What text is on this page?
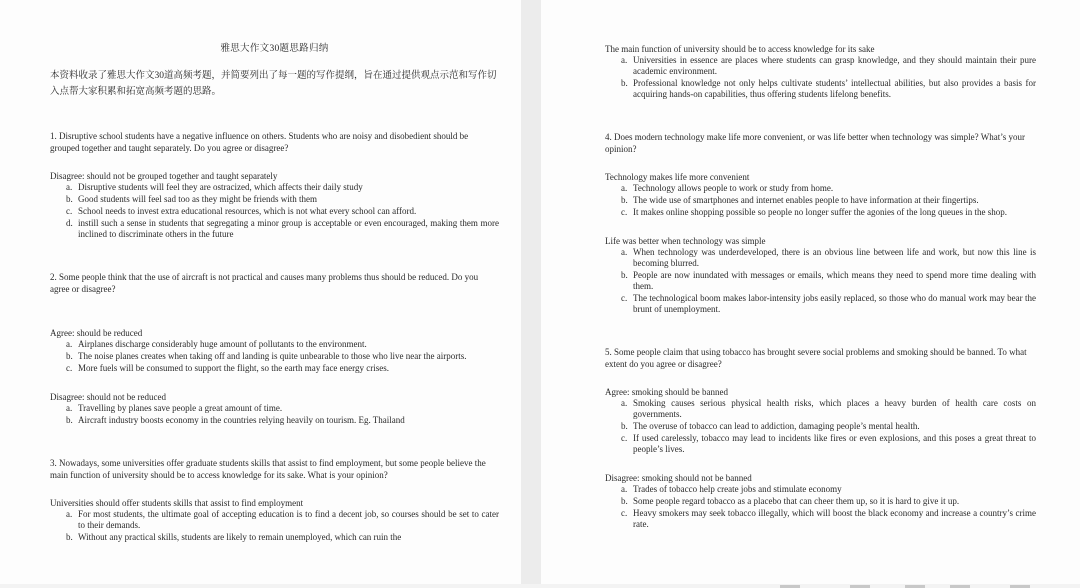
雅思大作文30题思路归纳

本资料收录了雅思大作文30道高频考题，并简要列出了每一题的写作提纲，旨在通过提供观点示范和写作切入点帮大家积累和拓宽高频考题的思路。

1. Disruptive school students have a negative influence on others. Students who are noisy and disobedient should be grouped together and taught separately. Do you agree or disagree?

Disagree: should not be grouped together and taught separately

a. Disruptive students will feel they are ostracized, which affects their daily study
b. Good students will feel sad too as they might be friends with them
c. School needs to invest extra educational resources, which is not what every school can afford.
d. instill such a sense in students that segregating a minor group is acceptable or even encouraged, making them more inclined to discriminate others in the future

2. Some people think that the use of aircraft is not practical and causes many problems thus should be reduced. Do you agree or disagree?

Agree: should be reduced

a. Airplanes discharge considerably huge amount of pollutants to the environment.
b. The noise planes creates when taking off and landing is quite unbearable to those who live near the airports.
c. More fuels will be consumed to support the flight, so the earth may face energy crises.

Disagree: should not be reduced

a. Travelling by planes save people a great amount of time.
b. Aircraft industry boosts economy in the countries relying heavily on tourism. Eg. Thailand

3. Nowadays, some universities offer graduate students skills that assist to find employment, but some people believe the main function of university should be to access knowledge for its sake. What is your opinion?

Universities should offer students skills that assist to find employment

a. For most students, the ultimate goal of accepting education is to find a decent job, so courses should be set to cater to their demands.
b. Without any practical skills, students are likely to remain unemployed, which can ruin the

The main function of university should be to access knowledge for its sake

a. Universities in essence are places where students can grasp knowledge, and they should maintain their pure academic environment.
b. Professional knowledge not only helps cultivate students’ intellectual abilities, but also provides a basis for acquiring hands-on capabilities, thus offering students lifelong benefits.

4. Does modern technology make life more convenient, or was life better when technology was simple? What’s your opinion?

Technology makes life more convenient

a. Technology allows people to work or study from home.
b. The wide use of smartphones and internet enables people to have information at their fingertips.
c. It makes online shopping possible so people no longer suffer the agonies of the long queues in the shop.

Life was better when technology was simple

a. When technology was underdeveloped, there is an obvious line between life and work, but now this line is becoming blurred.
b. People are now inundated with messages or emails, which means they need to spend more time dealing with them.
c. The technological boom makes labor-intensity jobs easily replaced, so those who do manual work may bear the brunt of unemployment.

5. Some people claim that using tobacco has brought severe social problems and smoking should be banned. To what extent do you agree or disagree?

Agree: smoking should be banned

a. Smoking causes serious physical health risks, which places a heavy burden of health care costs on governments.
b. The overuse of tobacco can lead to addiction, damaging people’s mental health.
c. If used carelessly, tobacco may lead to incidents like fires or even explosions, and this poses a great threat to people’s lives.

Disagree: smoking should not be banned

a. Trades of tobacco help create jobs and stimulate economy
b. Some people regard tobacco as a placebo that can cheer them up, so it is hard to give it up.
c. Heavy smokers may seek tobacco illegally, which will boost the black economy and increase a country’s crime rate.
